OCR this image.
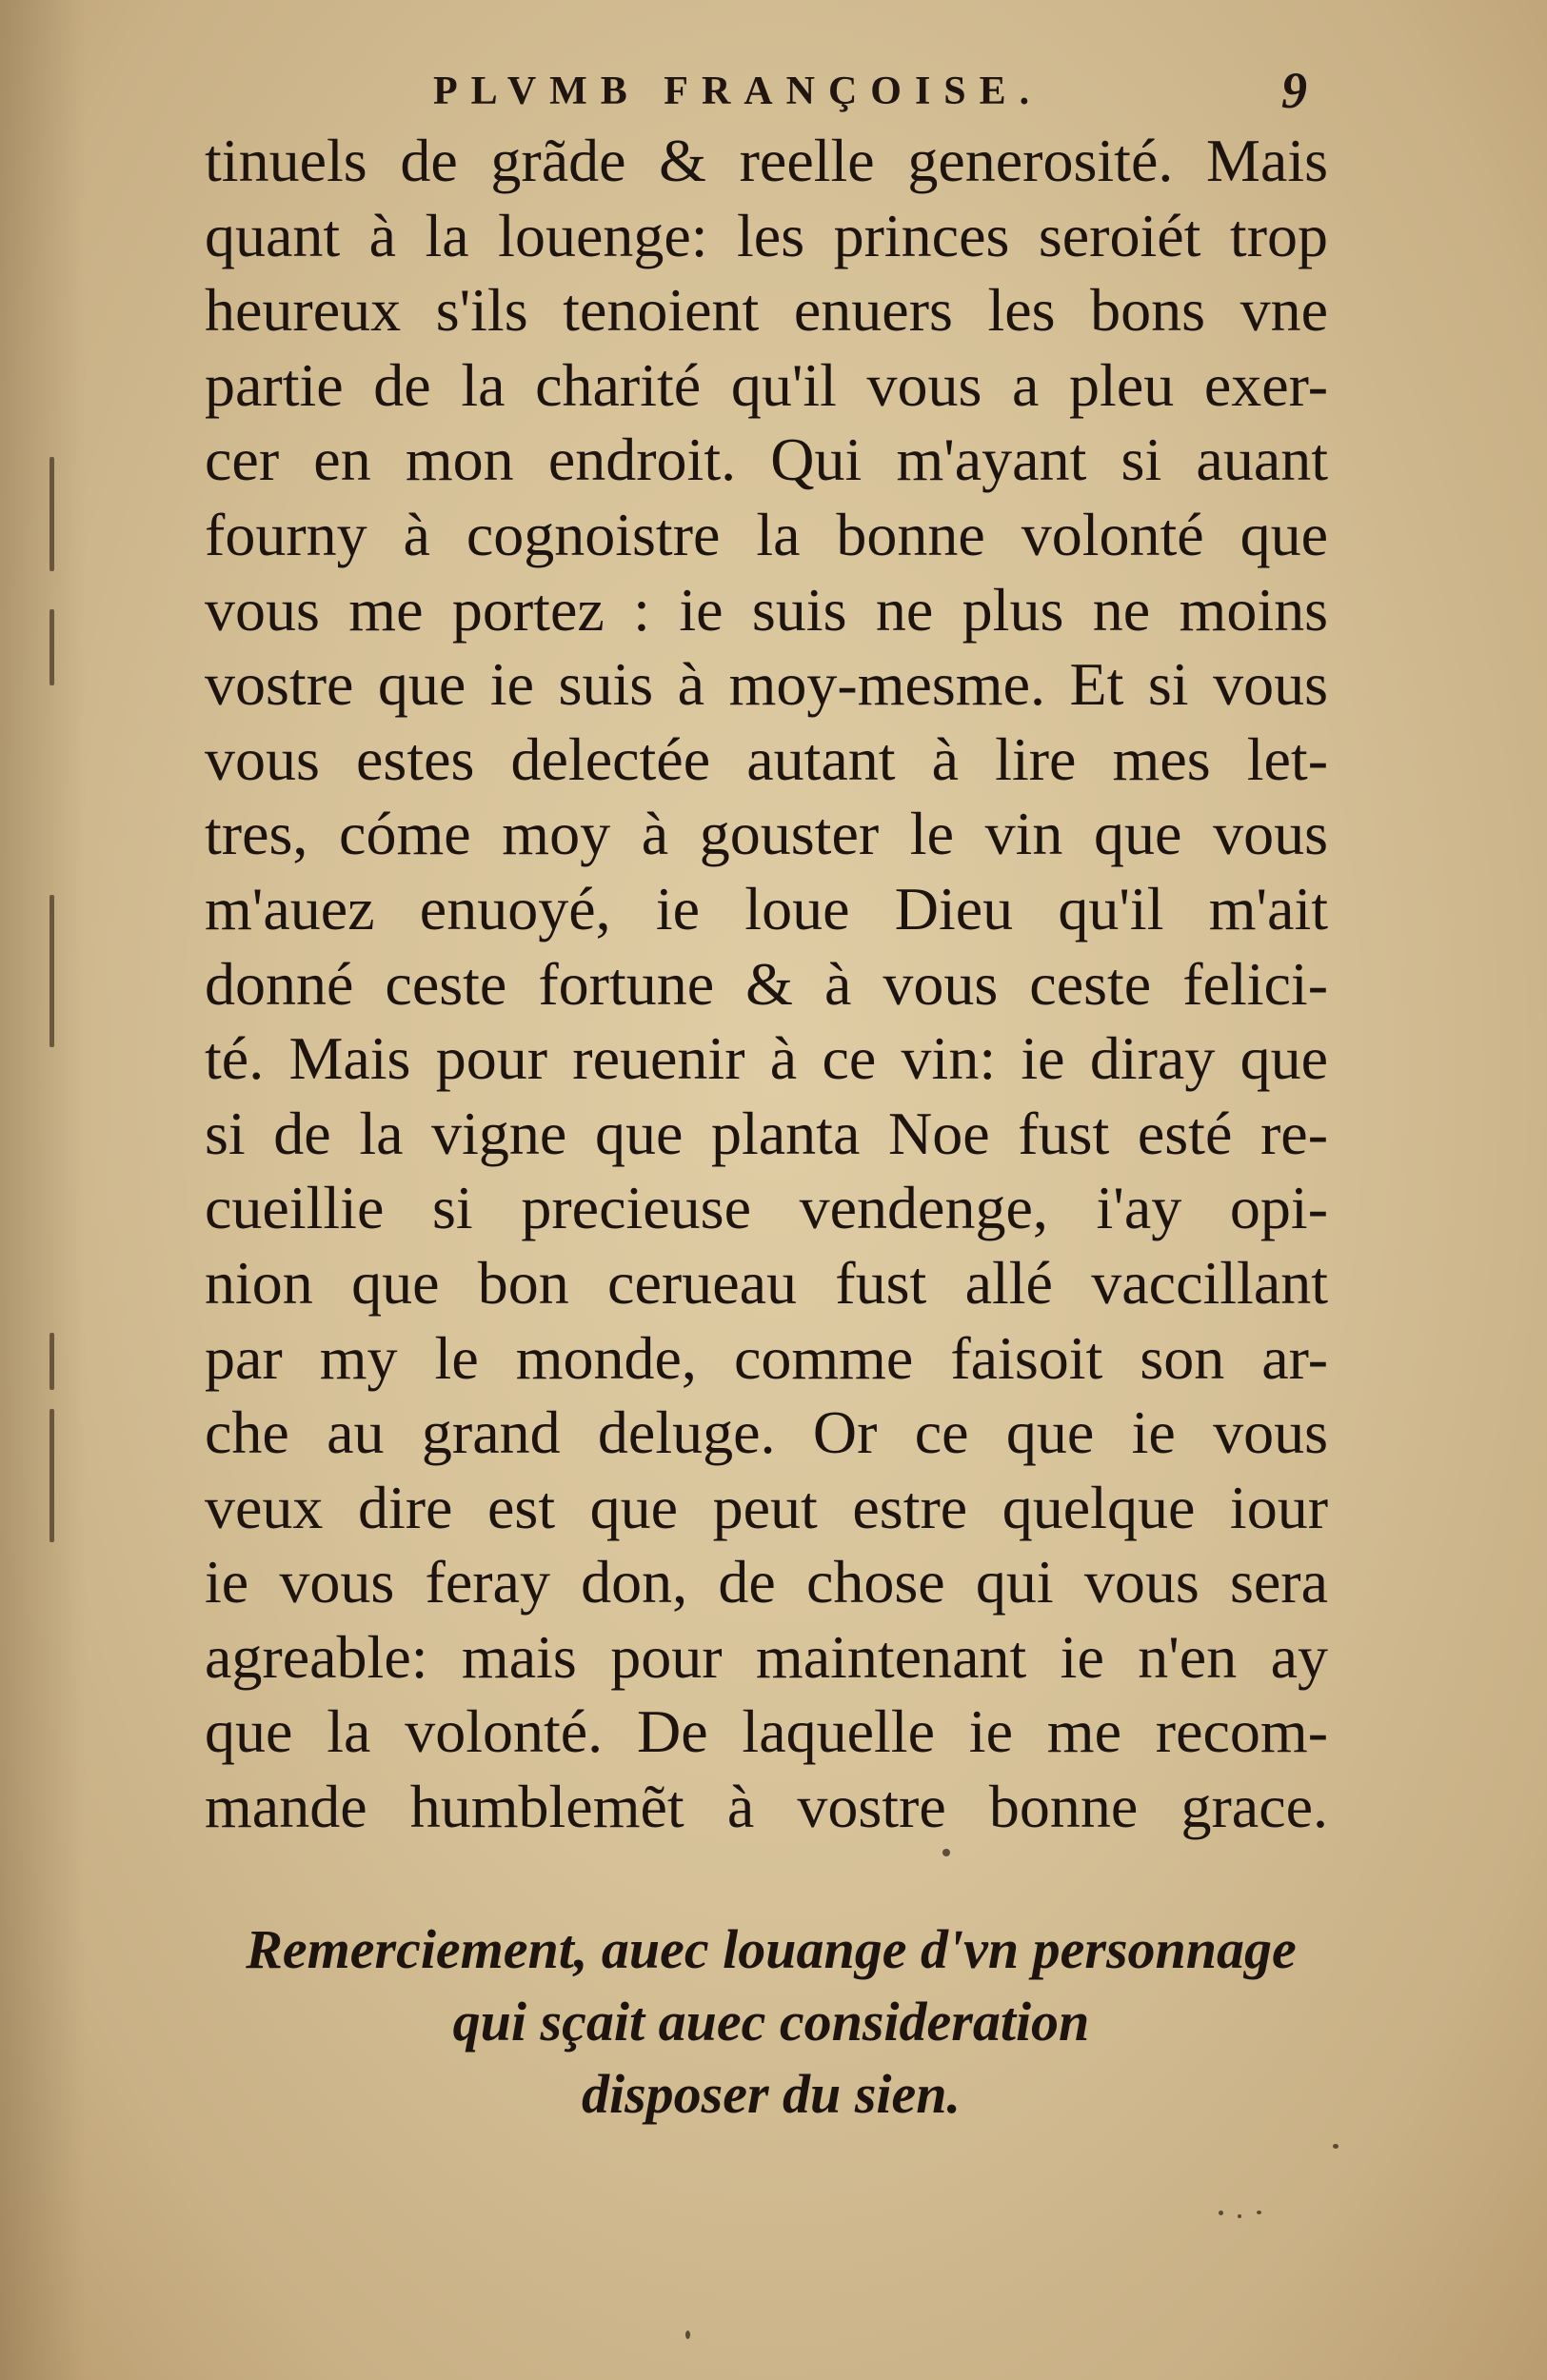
PLVMB FRANÇOISE.	9
tinuels de grãde & reelle generosité. Mais
quant à la louenge: les princes seroiét trop
heureux s'ils tenoient enuers les bons vne
partie de la charité qu'il vous a pleu exer-
cer en mon endroit. Qui m'ayant si auant
fourny à cognoistre la bonne volonté que
vous me portez : ie suis ne plus ne moins
vostre que ie suis à moy-mesme. Et si vous
vous estes delectée autant à lire mes let-
tres, cóme moy à gouster le vin que vous
m'auez enuoyé, ie loue Dieu qu'il m'ait
donné ceste fortune & à vous ceste felici-
té. Mais pour reuenir à ce vin: ie diray que
si de la vigne que planta Noe fust esté re-
cueillie si precieuse vendenge, i'ay opi-
nion que bon cerueau fust allé vaccillant
par my le monde, comme faisoit son ar-
che au grand deluge. Or ce que ie vous
veux dire est que peut estre quelque iour
ie vous feray don, de chose qui vous sera
agreable: mais pour maintenant ie n'en ay
que la volonté. De laquelle ie me recom-
mande humblemẽt à vostre bonne grace.
Remerciement, auec louange d'vn personnage
qui sçait auec consideration
disposer du sien.
